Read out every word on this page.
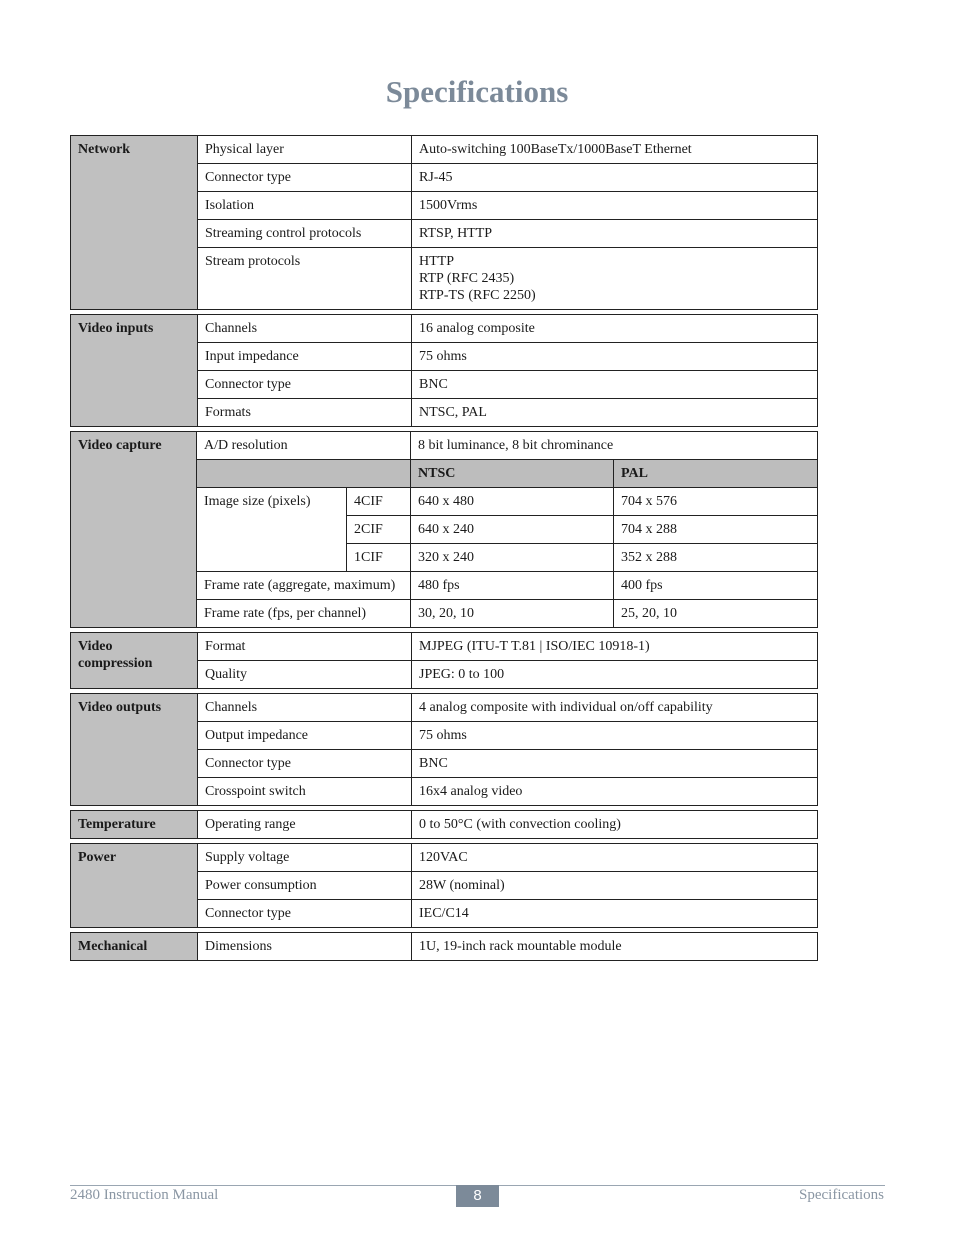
Specifications
Network	Physical layer	Auto-switching 100BaseTx/1000BaseT Ethernet
	Connector type	RJ-45
	Isolation	1500Vrms
	Streaming control protocols	RTSP, HTTP
	Stream protocols	HTTP
RTP (RFC 2435)
RTP-TS (RFC 2250)
Video inputs	Channels	16 analog composite
	Input impedance	75 ohms
	Connector type	BNC
	Formats	NTSC, PAL
Video capture	A/D resolution		8 bit luminance, 8 bit chrominance	
			NTSC	PAL
	Image size (pixels)	4CIF	640 x 480	704 x 576
		2CIF	640 x 240	704 x 288
		1CIF	320 x 240	352 x 288
	Frame rate (aggregate, maximum)		480 fps	400 fps
	Frame rate (fps, per channel)		30, 20, 10	25, 20, 10
Video
compression	Format	MJPEG (ITU-T T.81 | ISO/IEC 10918-1)
	Quality	JPEG: 0 to 100
Video outputs	Channels	4 analog composite with individual on/off capability
	Output impedance	75 ohms
	Connector type	BNC
	Crosspoint switch	16x4 analog video
Temperature	Operating range	0 to 50°C (with convection cooling)
Power	Supply voltage	120VAC
	Power consumption	28W (nominal)
	Connector type	IEC/C14
Mechanical	Dimensions	1U, 19-inch rack mountable module
2480 Instruction Manual	8	Specifications
